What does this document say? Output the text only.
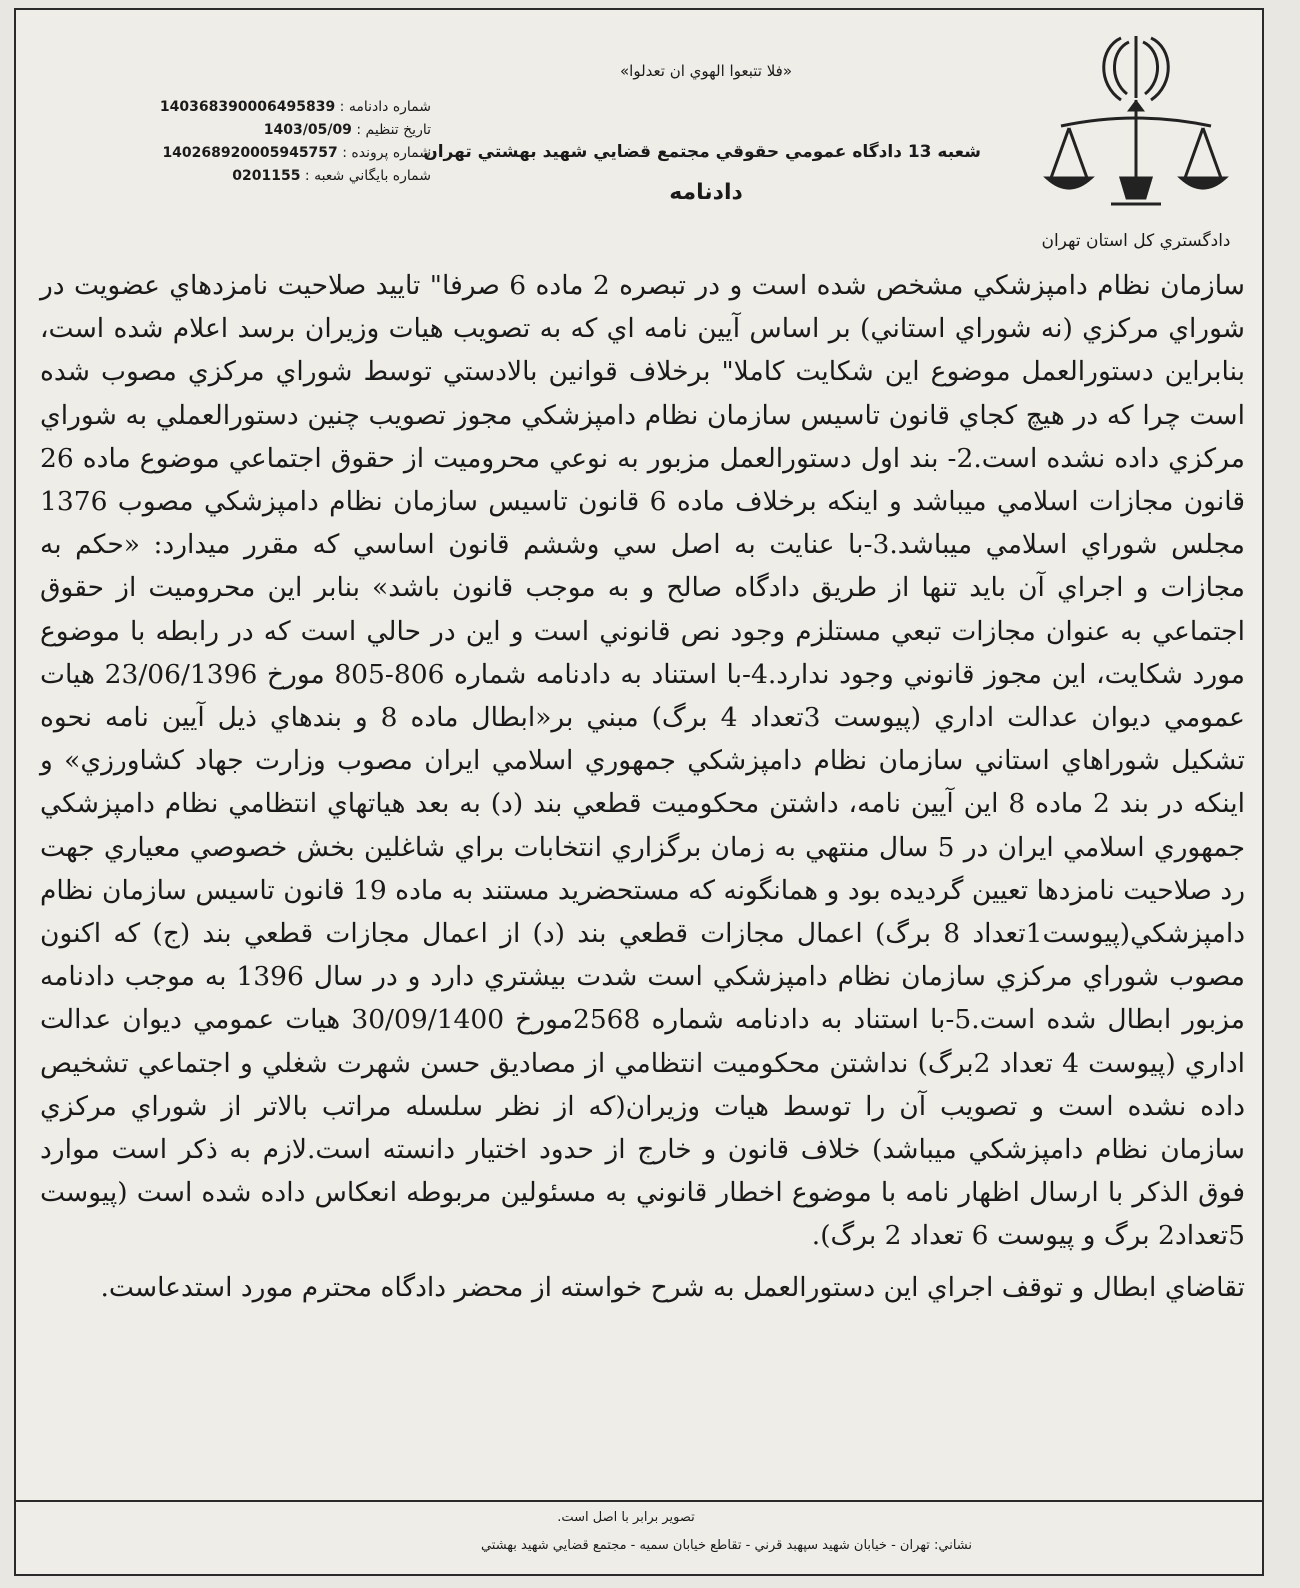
دادگستري كل استان تهران
«فلا تتبعوا الهوي ان تعدلوا»
شماره دادنامه : 140368390006495839
تاريخ تنظيم : 1403/05/09
شماره پرونده : 140268920005945757
شماره بايگاني شعبه : 0201155
شعبه 13 دادگاه عمومي حقوقي مجتمع قضايي شهيد بهشتي تهران
دادنامه

سازمان نظام دامپزشكي مشخص شده است و در تبصره 2 ماده 6 صرفا" تاييد صلاحيت نامزدهاي عضويت در شوراي مركزي (نه شوراي استاني) بر اساس آيين نامه اي كه به تصويب هيات وزيران برسد اعلام شده است، بنابراين دستورالعمل موضوع اين شكايت كاملا" برخلاف قوانين بالادستي توسط شوراي مركزي مصوب شده است چرا كه در هيچ كجاي قانون تاسيس سازمان نظام دامپزشكي مجوز تصويب چنين دستورالعملي به شوراي مركزي داده نشده است.2- بند اول دستورالعمل مزبور به نوعي محروميت از حقوق اجتماعي موضوع ماده 26 قانون مجازات اسلامي ميباشد و اينكه برخلاف ماده 6 قانون تاسيس سازمان نظام دامپزشكي مصوب 1376 مجلس شوراي اسلامي ميباشد.3-با عنايت به اصل سي وششم قانون اساسي كه مقرر ميدارد: «حكم به مجازات و اجراي آن بايد تنها از طريق دادگاه صالح و به موجب قانون باشد» بنابر اين محروميت از حقوق اجتماعي به عنوان مجازات تبعي مستلزم وجود نص قانوني است و اين در حالي است كه در رابطه با موضوع مورد شكايت، اين مجوز قانوني وجود ندارد.4-با استناد به دادنامه شماره 806-805 مورخ 23/06/1396 هيات عمومي ديوان عدالت اداري (پيوست 3تعداد 4 برگ) مبني بر«ابطال ماده 8 و بندهاي ذيل آيين نامه نحوه تشكيل شوراهاي استاني سازمان نظام دامپزشكي جمهوري اسلامي ايران مصوب وزارت جهاد كشاورزي» و اينكه در بند 2 ماده 8 اين آيين نامه، داشتن محكوميت قطعي بند (د) به بعد هياتهاي انتظامي نظام دامپزشكي جمهوري اسلامي ايران در 5 سال منتهي به زمان برگزاري انتخابات براي شاغلين بخش خصوصي معياري جهت رد صلاحيت نامزدها تعيين گرديده بود و همانگونه كه مستحضريد مستند به ماده 19 قانون تاسيس سازمان نظام دامپزشكي(پيوست1تعداد 8 برگ) اعمال مجازات قطعي بند (د) از اعمال مجازات قطعي بند (ج) كه اكنون مصوب شوراي مركزي سازمان نظام دامپزشكي است شدت بيشتري دارد و در سال 1396 به موجب دادنامه مزبور ابطال شده است.5-با استناد به دادنامه شماره 2568مورخ 30/09/1400 هيات عمومي ديوان عدالت اداري (پيوست 4 تعداد 2برگ) نداشتن محكوميت انتظامي از مصاديق حسن شهرت شغلي و اجتماعي تشخيص داده نشده است و تصويب آن را توسط هيات وزيران(كه از نظر سلسله مراتب بالاتر از شوراي مركزي سازمان نظام دامپزشكي ميباشد) خلاف قانون و خارج از حدود اختيار دانسته است.لازم به ذكر است موارد فوق الذكر با ارسال اظهار نامه با موضوع اخطار قانوني به مسئولين مربوطه انعكاس داده شده است (پيوست 5تعداد2 برگ و پيوست 6 تعداد 2 برگ).

تقاضاي ابطال و توقف اجراي اين دستورالعمل به شرح خواسته از محضر دادگاه محترم مورد استدعاست.

تصوير برابر با اصل است.
نشاني: تهران - خيابان شهيد سپهبد قرني - تقاطع خيابان سميه - مجتمع قضايي شهيد بهشتي
